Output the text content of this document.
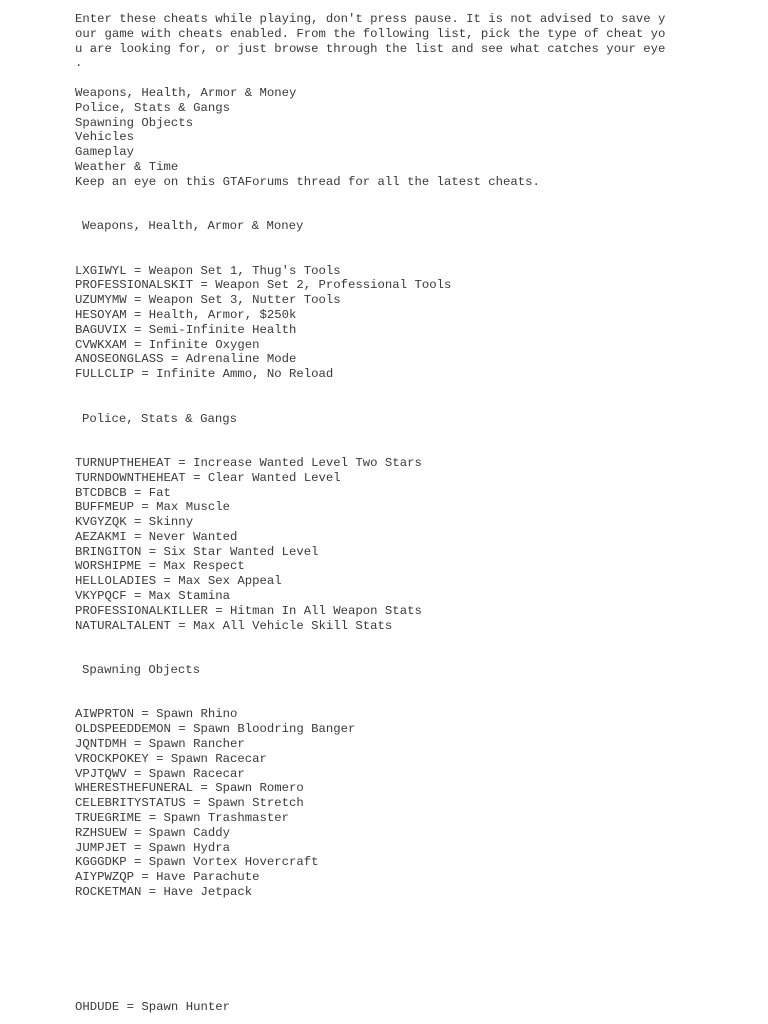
Enter these cheats while playing, don't press pause. It is not advised to save y
our game with cheats enabled. From the following list, pick the type of cheat yo
u are looking for, or just browse through the list and see what catches your eye
.
Weapons, Health, Armor & Money
Police, Stats & Gangs
Spawning Objects
Vehicles
Gameplay
Weather & Time
Keep an eye on this GTAForums thread for all the latest cheats.
Weapons, Health, Armor & Money
LXGIWYL = Weapon Set 1, Thug's Tools
PROFESSIONALSKIT = Weapon Set 2, Professional Tools
UZUMYMW = Weapon Set 3, Nutter Tools
HESOYAM = Health, Armor, $250k
BAGUVIX = Semi-Infinite Health
CVWKXAM = Infinite Oxygen
ANOSEONGLASS = Adrenaline Mode
FULLCLIP = Infinite Ammo, No Reload
Police, Stats & Gangs
TURNUPTHEHEAT = Increase Wanted Level Two Stars
TURNDOWNTHEHEAT = Clear Wanted Level
BTCDBCB = Fat
BUFFMEUP = Max Muscle
KVGYZQK = Skinny
AEZAKMI = Never Wanted
BRINGITON = Six Star Wanted Level
WORSHIPME = Max Respect
HELLOLADIES = Max Sex Appeal
VKYPQCF = Max Stamina
PROFESSIONALKILLER = Hitman In All Weapon Stats
NATURALTALENT = Max All Vehicle Skill Stats
Spawning Objects
AIWPRTON = Spawn Rhino
OLDSPEEDDEMON = Spawn Bloodring Banger
JQNTDMH = Spawn Rancher
VROCKPOKEY = Spawn Racecar
VPJTQWV = Spawn Racecar
WHERESTHEFUNERAL = Spawn Romero
CELEBRITYSTATUS = Spawn Stretch
TRUEGRIME = Spawn Trashmaster
RZHSUEW = Spawn Caddy
JUMPJET = Spawn Hydra
KGGGDKP = Spawn Vortex Hovercraft
AIYPWZQP = Have Parachute
ROCKETMAN = Have Jetpack
OHDUDE = Spawn Hunter
